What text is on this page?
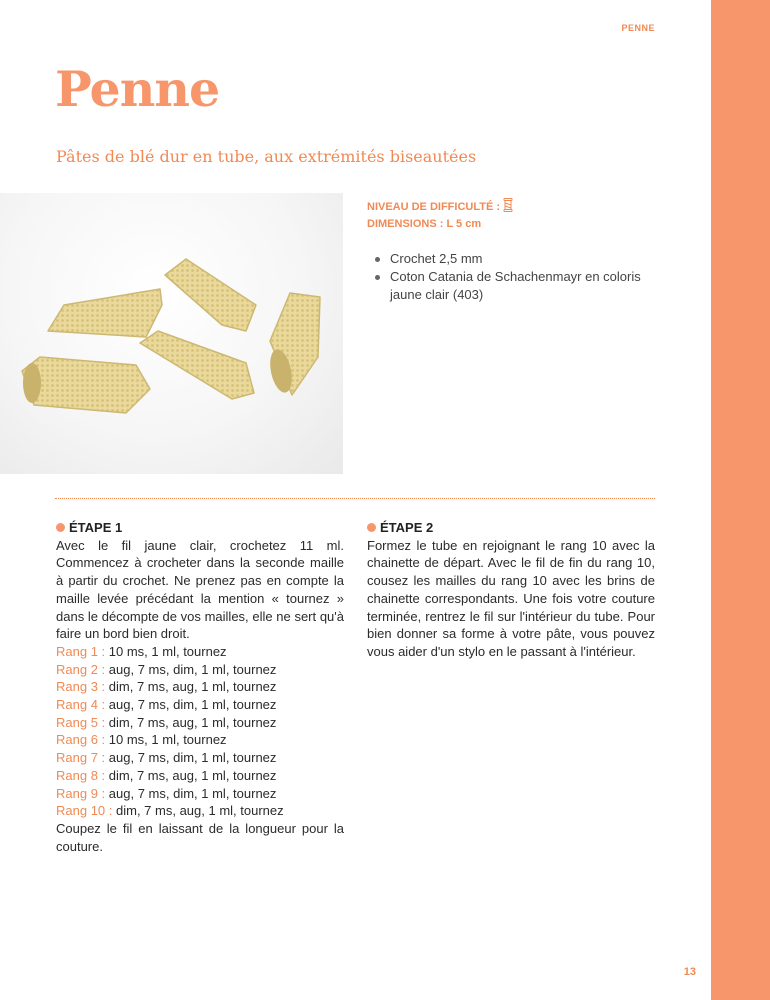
PENNE
Penne
Pâtes de blé dur en tube, aux extrémités biseautées
NIVEAU DE DIFFICULTÉ :
DIMENSIONS : L 5 cm
Crochet 2,5 mm
Coton Catania de Schachenmayr en coloris jaune clair (403)
ÉTAPE 1

Avec le fil jaune clair, crochetez 11 ml. Commencez à crocheter dans la seconde maille à partir du crochet. Ne prenez pas en compte la maille levée précédant la mention « tournez » dans le décompte de vos mailles, elle ne sert qu'à faire un bord bien droit.

Rang 1 : 10 ms, 1 ml, tournez
Rang 2 : aug, 7 ms, dim, 1 ml, tournez
Rang 3 : dim, 7 ms, aug, 1 ml, tournez
Rang 4 : aug, 7 ms, dim, 1 ml, tournez
Rang 5 : dim, 7 ms, aug, 1 ml, tournez
Rang 6 : 10 ms, 1 ml, tournez
Rang 7 : aug, 7 ms, dim, 1 ml, tournez
Rang 8 : dim, 7 ms, aug, 1 ml, tournez
Rang 9 : aug, 7 ms, dim, 1 ml, tournez
Rang 10 : dim, 7 ms, aug, 1 ml, tournez

Coupez le fil en laissant de la longueur pour la couture.

ÉTAPE 2

Formez le tube en rejoignant le rang 10 avec la chainette de départ. Avec le fil de fin du rang 10, cousez les mailles du rang 10 avec les brins de chainette correspondants. Une fois votre couture terminée, rentrez le fil sur l'intérieur du tube. Pour bien donner sa forme à votre pâte, vous pouvez vous aider d'un stylo en le passant à l'intérieur.

13
